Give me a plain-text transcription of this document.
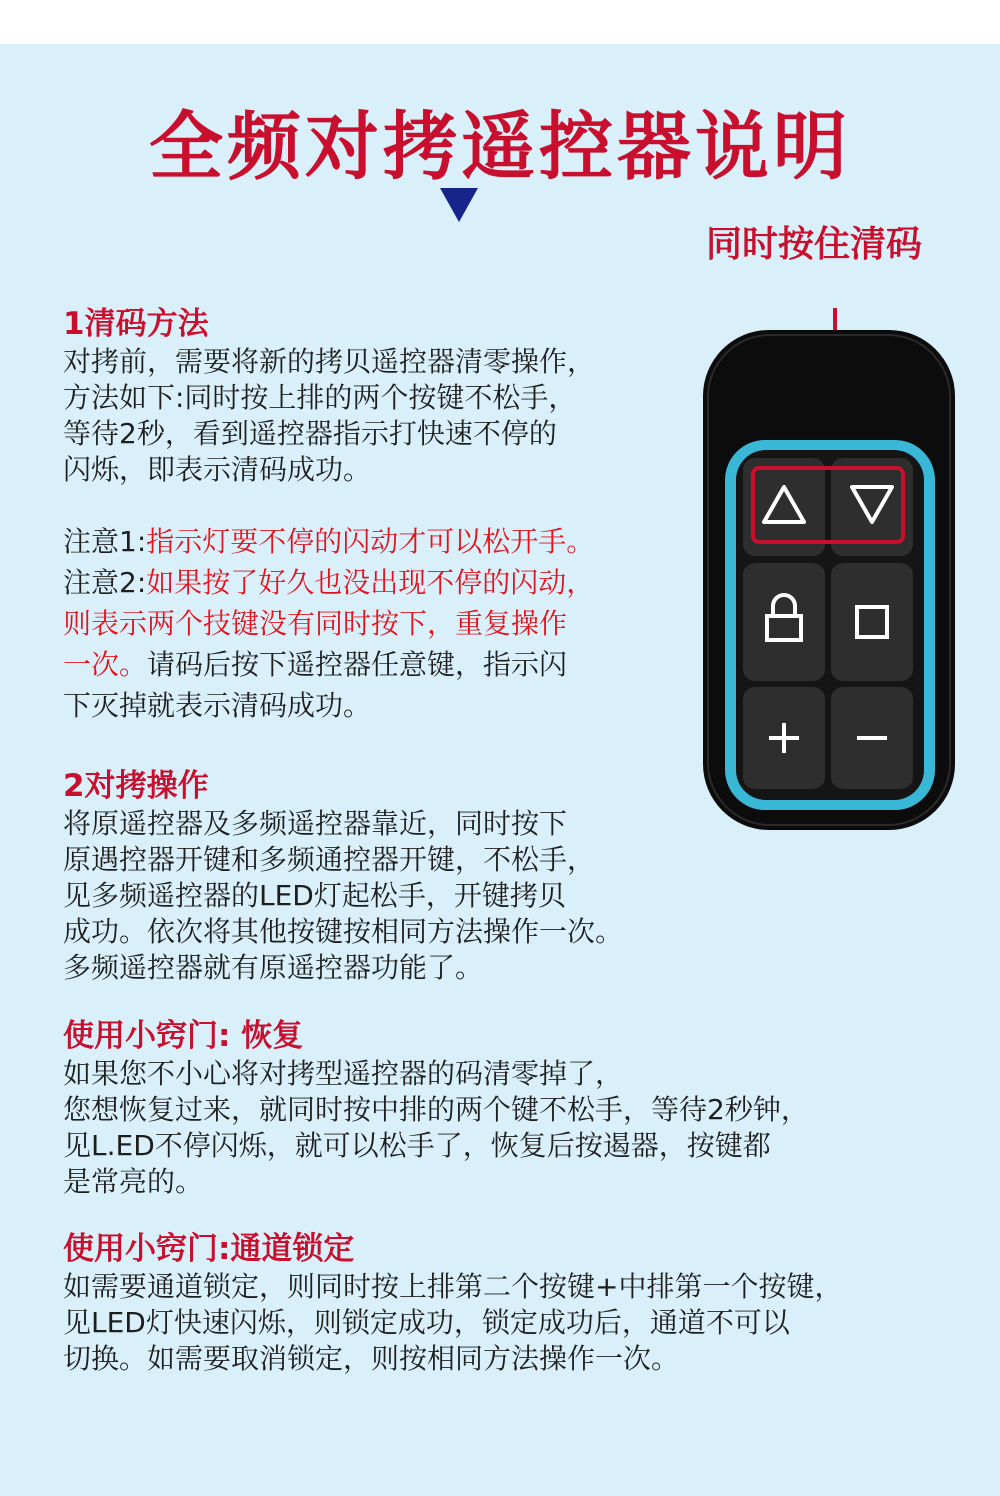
全频对拷遥控器说明
同时按住清码
1清码方法

对拷前，需要将新的拷贝遥控器清零操作，

方法如下:同时按上排的两个按键不松手，

等待2秒，看到遥控器指示打快速不停的

闪烁，即表示清码成功。

注意1:指示灯要不停的闪动才可以松开手。

注意2:如果按了好久也没出现不停的闪动，

则表示两个技键没有同时按下，重复操作

一次。请码后按下遥控器任意键，指示闪

下灭掉就表示清码成功。

2对拷操作

将原遥控器及多频遥控器靠近，同时按下

原遇控器开键和多频通控器开键，不松手，

见多频遥控器的LED灯起松手，开键拷贝

成功。依次将其他按键按相同方法操作一次。

多频遥控器就有原遥控器功能了。

使用小窍门: 恢复

如果您不小心将对拷型遥控器的码清零掉了，

您想恢复过来，就同时按中排的两个键不松手，等待2秒钟，

见L.ED不停闪烁，就可以松手了，恢复后按遏器，按键都

是常亮的。

使用小窍门:通道锁定

如需要通道锁定，则同时按上排第二个按键+中排第一个按键，

见LED灯快速闪烁，则锁定成功，锁定成功后，通道不可以

切换。如需要取消锁定，则按相同方法操作一次。
